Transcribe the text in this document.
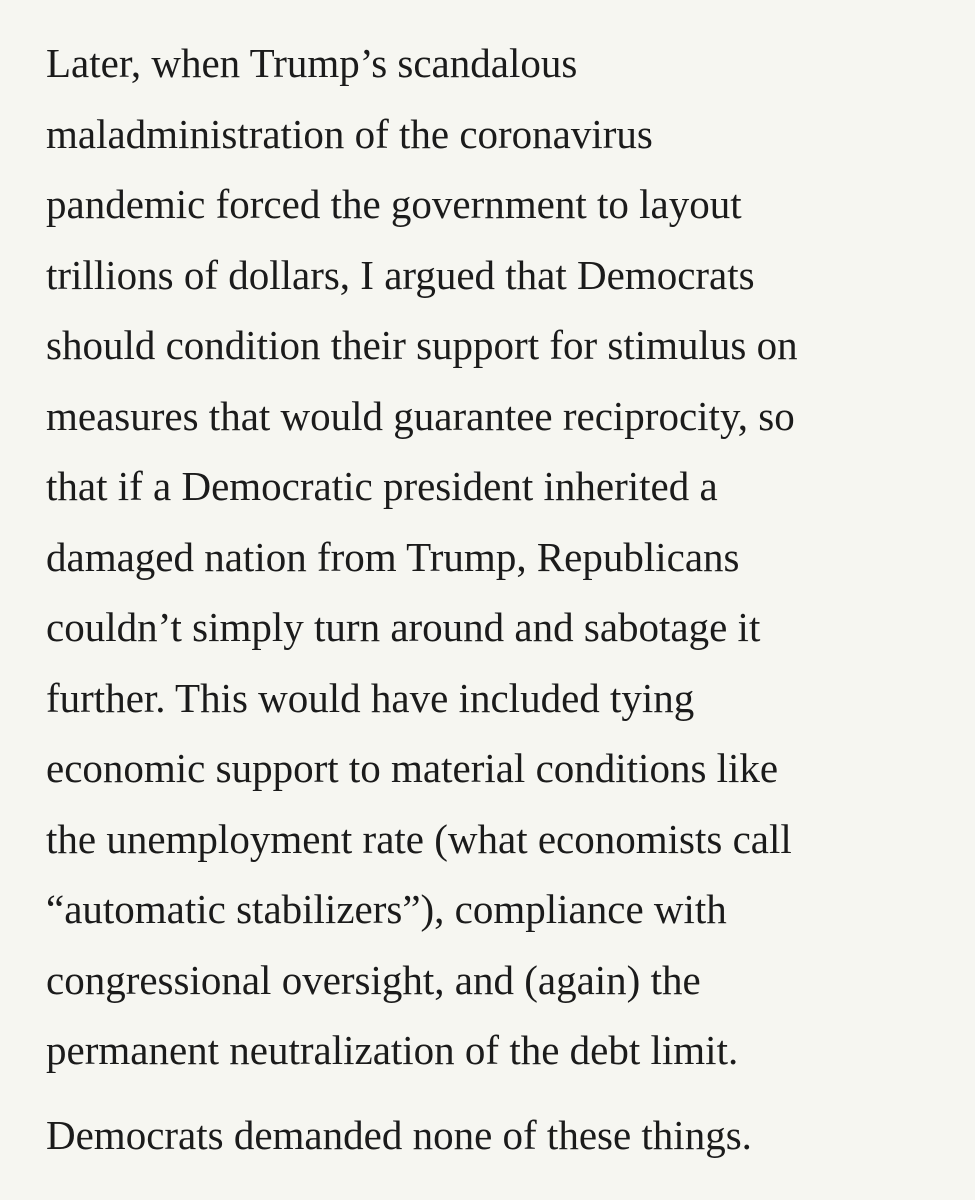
Later, when Trump’s scandalous
maladministration of the coronavirus
pandemic forced the government to layout
trillions of dollars, I argued that Democrats
should condition their support for stimulus on
measures that would guarantee reciprocity, so
that if a Democratic president inherited a
damaged nation from Trump, Republicans
couldn’t simply turn around and sabotage it
further. This would have included tying
economic support to material conditions like
the unemployment rate (what economists call
“automatic stabilizers”), compliance with
congressional oversight, and (again) the
permanent neutralization of the debt limit.

Democrats demanded none of these things.
